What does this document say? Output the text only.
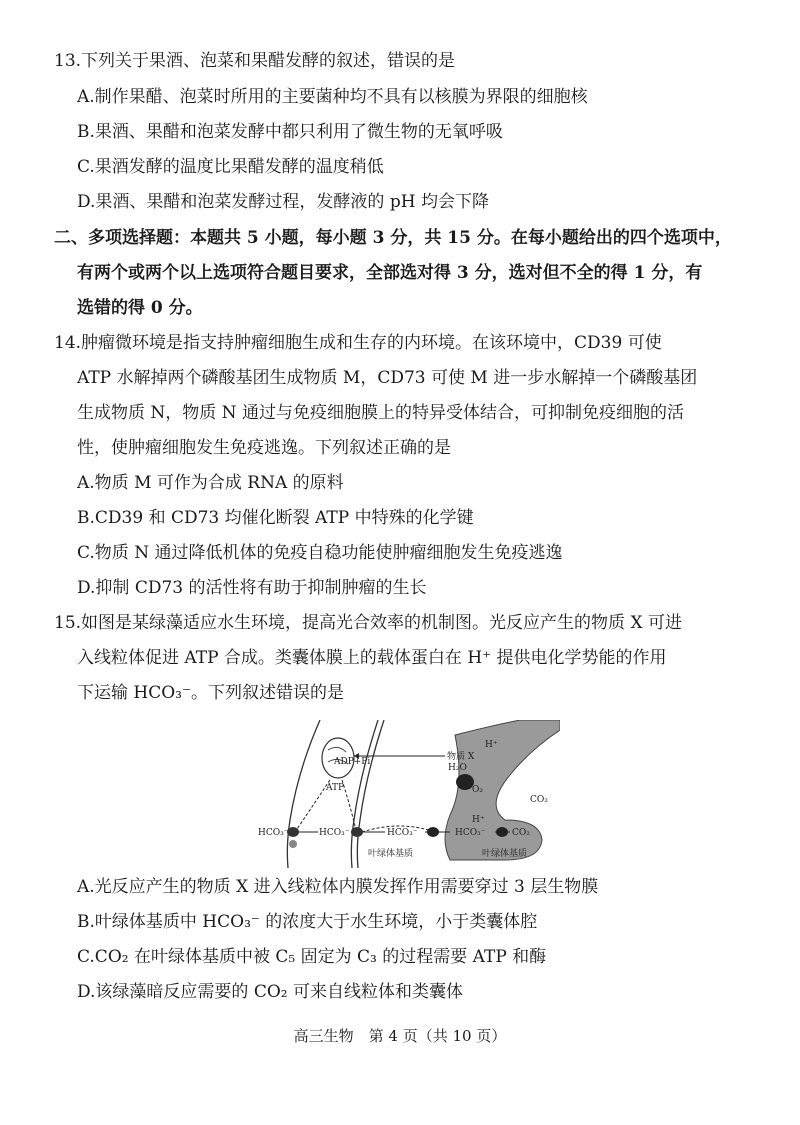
13.下列关于果酒、泡菜和果醋发酵的叙述，错误的是
A.制作果醋、泡菜时所用的主要菌种均不具有以核膜为界限的细胞核
B.果酒、果醋和泡菜发酵中都只利用了微生物的无氧呼吸
C.果酒发酵的温度比果醋发酵的温度稍低
D.果酒、果醋和泡菜发酵过程，发酵液的 pH 均会下降
二、多项选择题：本题共 5 小题，每小题 3 分，共 15 分。在每小题给出的四个选项中，
有两个或两个以上选项符合题目要求，全部选对得 3 分，选对但不全的得 1 分，有
选错的得 0 分。
14.肿瘤微环境是指支持肿瘤细胞生成和生存的内环境。在该环境中，CD39 可使
ATP 水解掉两个磷酸基团生成物质 M，CD73 可使 M 进一步水解掉一个磷酸基团
生成物质 N，物质 N 通过与免疫细胞膜上的特异受体结合，可抑制免疫细胞的活
性，使肿瘤细胞发生免疫逃逸。下列叙述正确的是
A.物质 M 可作为合成 RNA 的原料
B.CD39 和 CD73 均催化断裂 ATP 中特殊的化学键
C.物质 N 通过降低机体的免疫自稳功能使肿瘤细胞发生免疫逃逸
D.抑制 CD73 的活性将有助于抑制肿瘤的生长
15.如图是某绿藻适应水生环境，提高光合效率的机制图。光反应产生的物质 X 可进
入线粒体促进 ATP 合成。类囊体膜上的载体蛋白在 H⁺ 提供电化学势能的作用
下运输 HCO₃⁻。下列叙述错误的是
物质 X
ADP+Pi
ATP
H⁺
H₂O
O₂
H⁺
CO₂
CO₂
HCO₃⁻	HCO₃⁻	HCO₃⁻	HCO₃⁻
叶绿体基质	叶绿体基质
A.光反应产生的物质 X 进入线粒体内膜发挥作用需要穿过 3 层生物膜
B.叶绿体基质中 HCO₃⁻ 的浓度大于水生环境，小于类囊体腔
C.CO₂ 在叶绿体基质中被 C₅ 固定为 C₃ 的过程需要 ATP 和酶
D.该绿藻暗反应需要的 CO₂ 可来自线粒体和类囊体
高三生物　第 4 页（共 10 页）
